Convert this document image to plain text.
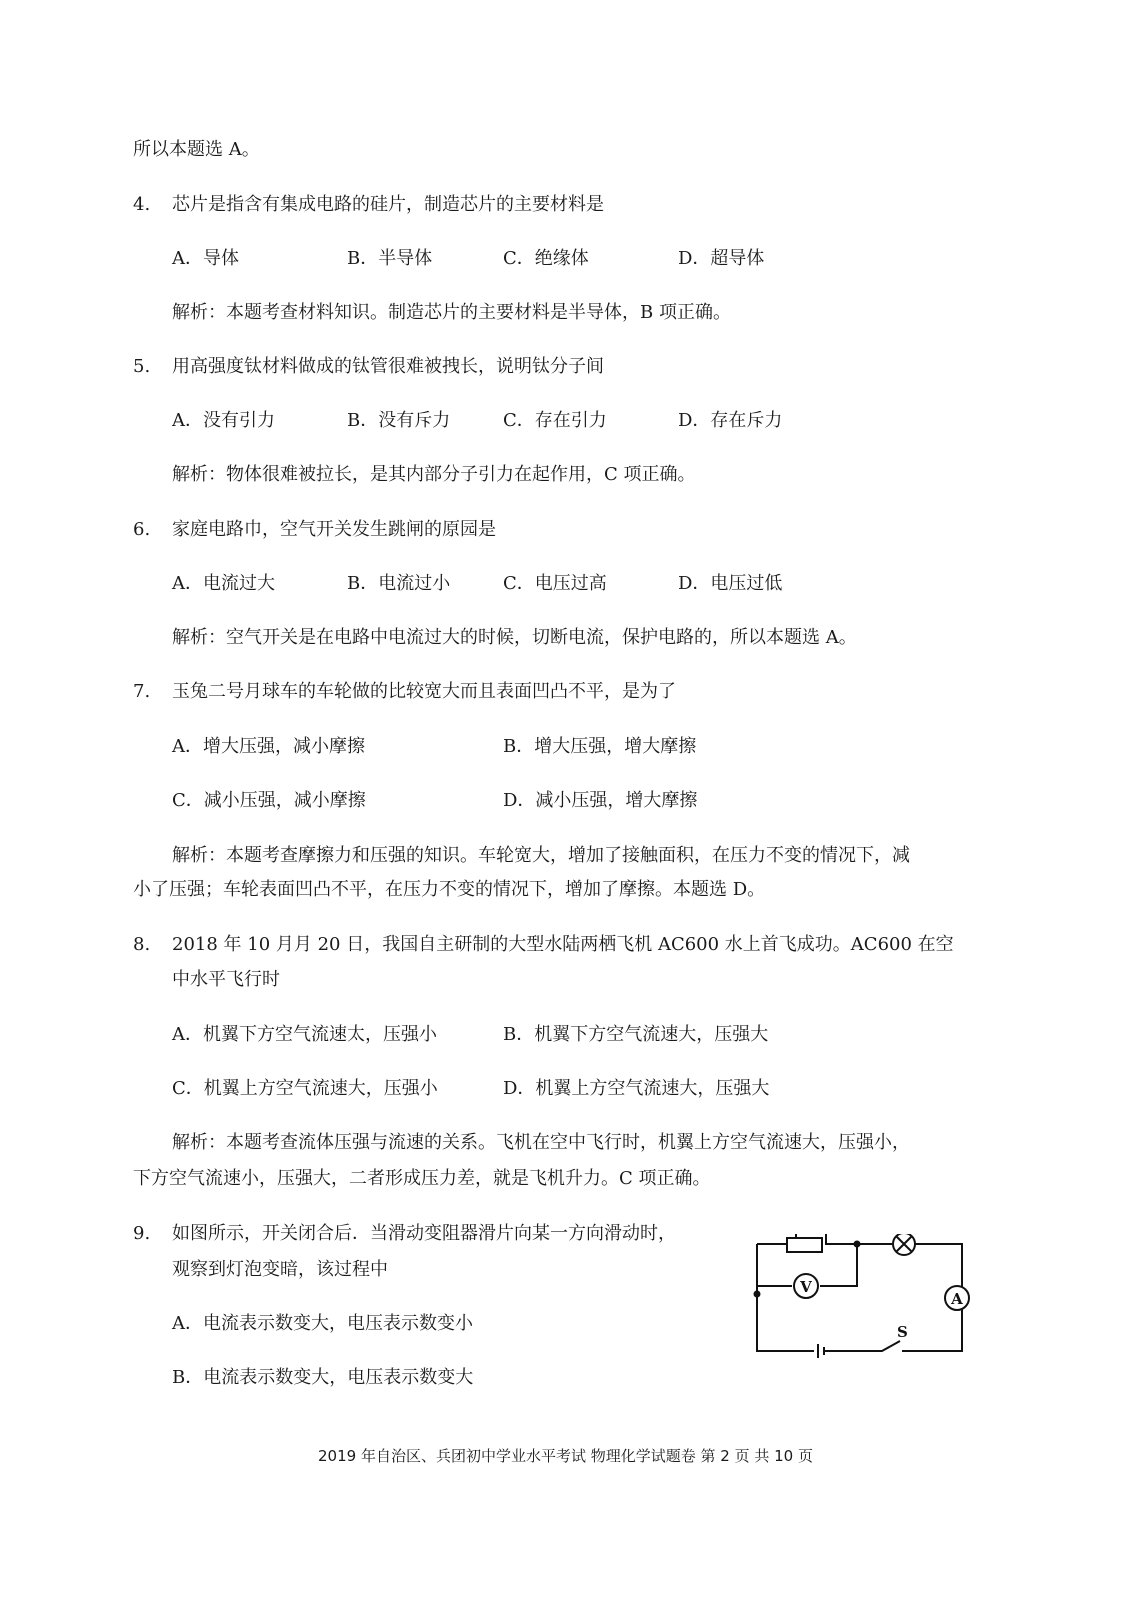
所以本题选 A。
4. 芯片是指含有集成电路的硅片，制造芯片的主要材料是
A．导体	B．半导体	C．绝缘体	D．超导体
解析：本题考查材料知识。制造芯片的主要材料是半导体，B 项正确。
5. 用高强度钛材料做成的钛管很难被拽长，说明钛分子间
A．没有引力	B．没有斥力	C．存在引力	D．存在斥力
解析：物体很难被拉长，是其内部分子引力在起作用，C 项正确。
6. 家庭电路巾，空气开关发生跳闸的原园是
A．电流过大	B．电流过小	C．电压过高	D．电压过低
解析：空气开关是在电路中电流过大的时候，切断电流，保护电路的，所以本题选 A。
7. 玉兔二号月球车的车轮做的比较宽大而且表面凹凸不平，是为了
A．增大压强，减小摩擦	B．增大压强，增大摩擦
C．减小压强，减小摩擦	D．减小压强，增大摩擦
解析：本题考查摩擦力和压强的知识。车轮宽大，增加了接触面积，在压力不变的情况下，减
小了压强；车轮表面凹凸不平，在压力不变的情况下，增加了摩擦。本题选 D。
8. 2018 年 10 月月 20 日，我国自主研制的大型水陆两栖飞机 AC600 水上首飞成功。AC600 在空
中水平飞行时
A．机翼下方空气流速太，压强小	B．机翼下方空气流速大，压强大
C．机翼上方空气流速大，压强小	D．机翼上方空气流速大，压强大
解析：本题考查流体压强与流速的关系。飞机在空中飞行时，机翼上方空气流速大，压强小，
下方空气流速小，压强大，二者形成压力差，就是飞机升力。C 项正确。
9. 如图所示，开关闭合后．当滑动变阻器滑片向某一方向滑动时，
观察到灯泡变暗，该过程中
A．电流表示数变大，电压表示数变小
B．电流表示数变大，电压表示数变大
V
A
S
2019 年自治区、兵团初中学业水平考试 物理化学试题卷 第 2 页 共 10 页
